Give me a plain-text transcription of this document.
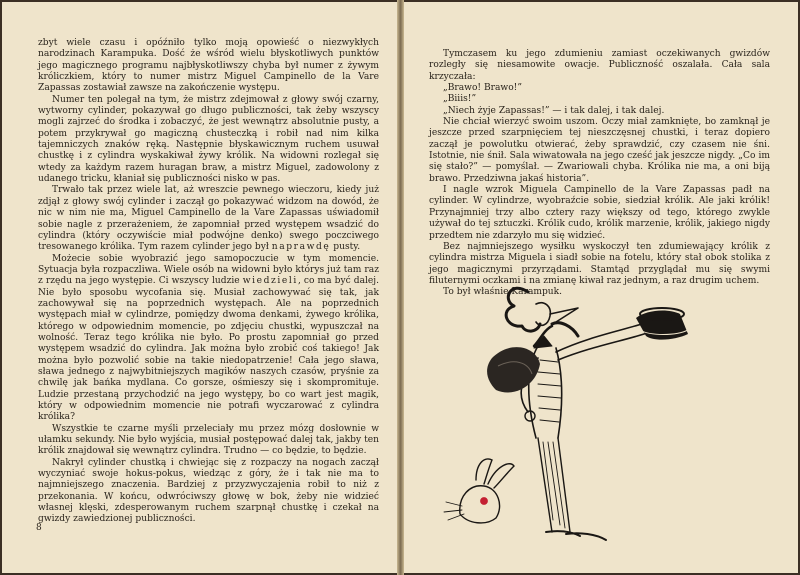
zbyt wiele czasu i opóźniło tylko moją opowieść o niezwykłych narodzinach Karampuka. Dość że wśród wielu błyskotliwych punktów jego magicznego programu najbłyskotliwszy chyba był numer z żywym króliczkiem, który to numer mistrz Miguel Campinello de la Vare Zapassas zostawiał zawsze na zakończenie występu.

Numer ten polegał na tym, że mistrz zdejmował z głowy swój czarny, wytworny cylinder, pokazywał go długo publiczności, tak żeby wszyscy mogli zajrzeć do środka i zobaczyć, że jest wewnątrz absolutnie pusty, a potem przykrywał go magiczną chusteczką i robił nad nim kilka tajemniczych znaków ręką. Następnie błyskawicznym ruchem usuwał chustkę i z cylindra wyskakiwał żywy królik. Na widowni rozlegał się wtedy za każdym razem huragan braw, a mistrz Miguel, zadowolony z udanego tricku, kłaniał się publiczności nisko w pas.

Trwało tak przez wiele lat, aż wreszcie pewnego wieczoru, kiedy już zdjął z głowy swój cylinder i zaczął go pokazywać widzom na dowód, że nic w nim nie ma, Miguel Campinello de la Vare Zapassas uświadomił sobie nagle z przerażeniem, że zapomniał przed występem wsadzić do cylindra (który oczywiście miał podwójne denko) swego poczciwego tresowanego królika. Tym razem cylinder jego był naprawdę pusty.

Możecie sobie wyobrazić jego samopoczucie w tym momencie. Sytuacja była rozpaczliwa. Wiele osób na widowni było którys już tam raz z rzędu na jego występie. Ci wszyscy ludzie wiedzieli, co ma być dalej. Nie było sposobu wycofania się. Musiał zachowywać się tak, jak zachowywał się na poprzednich występach. Ale na poprzednich występach miał w cylindrze, pomiędzy dwoma denkami, żywego królika, którego w odpowiednim momencie, po zdjęciu chustki, wypuszczał na wolność. Teraz tego królika nie było. Po prostu zapomniał go przed występem wsadzić do cylindra. Jak można było zrobić coś takiego! Jak można było pozwolić sobie na takie niedopatrzenie! Cała jego sława, sława jednego z najwybitniejszych magików naszych czasów, pryśnie za chwilę jak bańka mydlana. Co gorsze, ośmieszy się i skompromituje. Ludzie przestaną przychodzić na jego występy, bo co wart jest magik, który w odpowiednim momencie nie potrafi wyczarować z cylindra królika?

Wszystkie te czarne myśli przeleciały mu przez mózg dosłownie w ułamku sekundy. Nie było wyjścia, musiał postępować dalej tak, jakby ten królik znajdował się wewnątrz cylindra. Trudno — co będzie, to będzie.

Nakrył cylinder chustką i chwiejąc się z rozpaczy na nogach zaczął wyczyniać swoje hokus-pokus, wiedząc z góry, że i tak nie ma to najmniejszego znaczenia. Bardziej z przyzwyczajenia robił to niż z przekonania. W końcu, odwróciwszy głowę w bok, żeby nie widzieć własnej klęski, zdesperowanym ruchem szarpnął chustkę i czekał na gwizdy zawiedzionej publiczności.

8

Tymczasem ku jego zdumieniu zamiast oczekiwanych gwizdów rozległy się niesamowite owacje. Publiczność oszalała. Cała sala krzyczała:

„Brawo! Brawo!”

„Biiis!”

„Niech żyje Zapassas!” — i tak dalej, i tak dalej.

Nie chciał wierzyć swoim uszom. Oczy miał zamknięte, bo zamknął je jeszcze przed szarpnięciem tej nieszczęsnej chustki, i teraz dopiero zaczął je powolutku otwierać, żeby sprawdzić, czy czasem nie śni. Istotnie, nie śnił. Sala wiwatowała na jego cześć jak jeszcze nigdy. „Co im się stało?” — pomyślał. — Zwariowali chyba. Królika nie ma, a oni biją brawo. Przedziwna jakaś historia”.

I nagle wzrok Miguela Campinello de la Vare Zapassas padł na cylinder. W cylindrze, wyobraźcie sobie, siedział królik. Ale jaki królik! Przynajmniej trzy albo cztery razy większy od tego, którego zwykle używał do tej sztuczki. Królik cudo, królik marzenie, królik, jakiego nigdy przedtem nie zdarzyło mu się widzieć.

Bez najmniejszego wysiłku wyskoczył ten zdumiewający królik z cylindra mistrza Miguela i siadł sobie na fotelu, który stał obok stolika z jego magicznymi przyrządami. Stamtąd przyglądał mu się swymi filuternymi oczkami i na zmianę kiwał raz jednym, a raz drugim uchem.

To był właśnie Karampuk.
